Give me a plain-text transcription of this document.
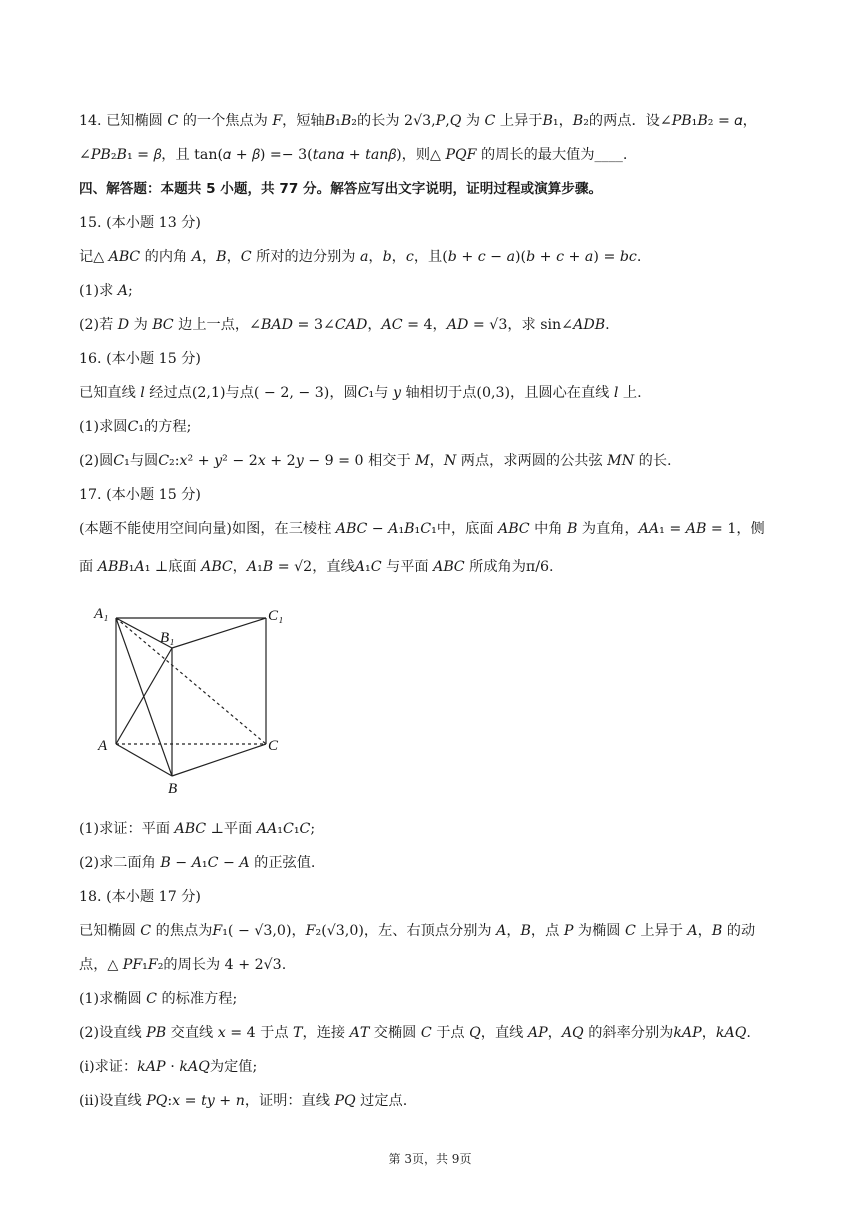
14. 已知椭圆 𝐶 的一个焦点为 𝐹，短轴𝐵₁𝐵₂的长为 2√3,𝑃,𝑄 为 𝐶 上异于𝐵₁，𝐵₂的两点．设∠𝑃𝐵₁𝐵₂ = 𝛼，
∠𝑃𝐵₂𝐵₁ = 𝛽，且 tan(𝛼 + 𝛽) =− 3(𝑡𝑎𝑛𝛼 + 𝑡𝑎𝑛𝛽)，则△ 𝑃𝑄𝐹 的周长的最大值为____.
四、解答题：本题共 5 小题，共 77 分。解答应写出文字说明，证明过程或演算步骤。
15. (本小题 13 分)
记△ 𝐴𝐵𝐶 的内角 𝐴，𝐵，𝐶 所对的边分别为 𝑎，𝑏，𝑐，且(𝑏 + 𝑐 − 𝑎)(𝑏 + 𝑐 + 𝑎) = 𝑏𝑐.
(1)求 𝐴;
(2)若 𝐷 为 𝐵𝐶 边上一点，∠𝐵𝐴𝐷 = 3∠𝐶𝐴𝐷，𝐴𝐶 = 4，𝐴𝐷 = √3，求 sin∠𝐴𝐷𝐵.
16. (本小题 15 分)
已知直线 𝑙 经过点(2,1)与点( − 2, − 3)，圆𝐶₁与 𝑦 轴相切于点(0,3)，且圆心在直线 𝑙 上.
(1)求圆𝐶₁的方程;
(2)圆𝐶₁与圆𝐶₂:𝑥² + 𝑦² − 2𝑥 + 2𝑦 − 9 = 0 相交于 𝑀，𝑁 两点，求两圆的公共弦 𝑀𝑁 的长.
17. (本小题 15 分)
(本题不能使用空间向量)如图，在三棱柱 𝐴𝐵𝐶 − 𝐴₁𝐵₁𝐶₁中，底面 𝐴𝐵𝐶 中角 𝐵 为直角，𝐴𝐴₁ = 𝐴𝐵 = 1，侧
面 𝐴𝐵𝐵₁𝐴₁ ⊥底面 𝐴𝐵𝐶，𝐴₁𝐵 = √2，直线𝐴₁𝐶 与平面 𝐴𝐵𝐶 所成角为π/6.
A₁
B₁
C₁
A
B
C
(1)求证：平面 𝐴𝐵𝐶 ⊥平面 𝐴𝐴₁𝐶₁𝐶;
(2)求二面角 𝐵 − 𝐴₁𝐶 − 𝐴 的正弦值.
18. (本小题 17 分)
已知椭圆 𝐶 的焦点为𝐹₁( − √3,0)，𝐹₂(√3,0)，左、右顶点分别为 𝐴，𝐵，点 𝑃 为椭圆 𝐶 上异于 𝐴，𝐵 的动
点，△ 𝑃𝐹₁𝐹₂的周长为 4 + 2√3.
(1)求椭圆 𝐶 的标准方程;
(2)设直线 𝑃𝐵 交直线 𝑥 = 4 于点 𝑇，连接 𝐴𝑇 交椭圆 𝐶 于点 𝑄，直线 𝐴𝑃，𝐴𝑄 的斜率分别为𝑘𝐴𝑃，𝑘𝐴𝑄.
(ⅰ)求证：𝑘𝐴𝑃 ⋅ 𝑘𝐴𝑄为定值;
(ⅱ)设直线 𝑃𝑄:𝑥 = 𝑡𝑦 + 𝑛，证明：直线 𝑃𝑄 过定点.
第 3页，共 9页
